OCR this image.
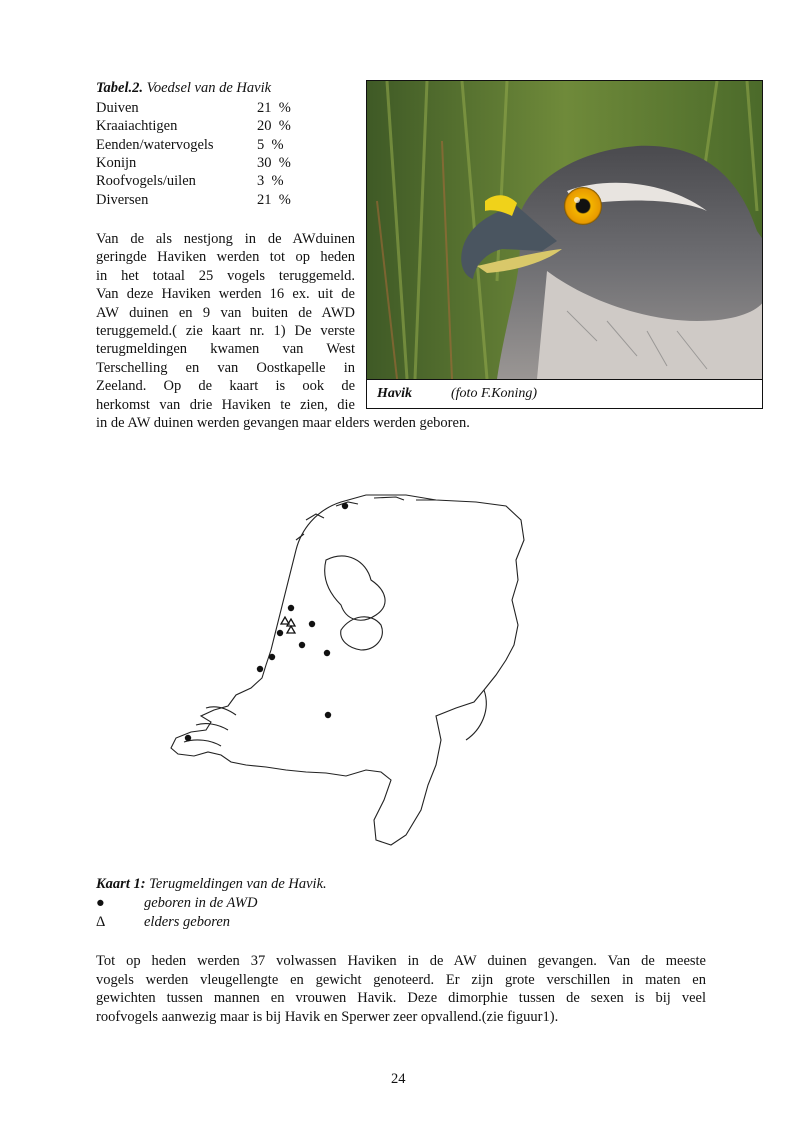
Tabel.2. Voedsel van de Havik
Duiven	21  %
Kraaiachtigen	20  %
Eenden/watervogels	5  %
Konijn	30  %
Roofvogels/uilen	3  %
Diversen	21  %
Van de als nestjong in de AWduinen
geringde Haviken werden tot op heden
in het totaal 25 vogels teruggemeld.
Van deze Haviken werden 16 ex. uit de
AW duinen en 9 van buiten de AWD
teruggemeld.( zie kaart nr. 1) De verste
terugmeldingen kwamen van West
Terschelling en van Oostkapelle in
Zeeland. Op de kaart is ook de
herkomst van drie Haviken te zien, die
in de AW duinen werden gevangen maar elders werden geboren.
Havik	(foto F.Koning)
Kaart 1: Terugmeldingen van de Havik.
●	geboren in de AWD
Δ	elders geboren
Tot op heden werden 37 volwassen Haviken in de AW duinen gevangen. Van de meeste
vogels werden vleugellengte en gewicht genoteerd. Er zijn grote verschillen in maten en
gewichten tussen mannen en vrouwen Havik. Deze dimorphie tussen de sexen is bij veel
roofvogels aanwezig maar is bij Havik en Sperwer zeer opvallend.(zie figuur1).
24
